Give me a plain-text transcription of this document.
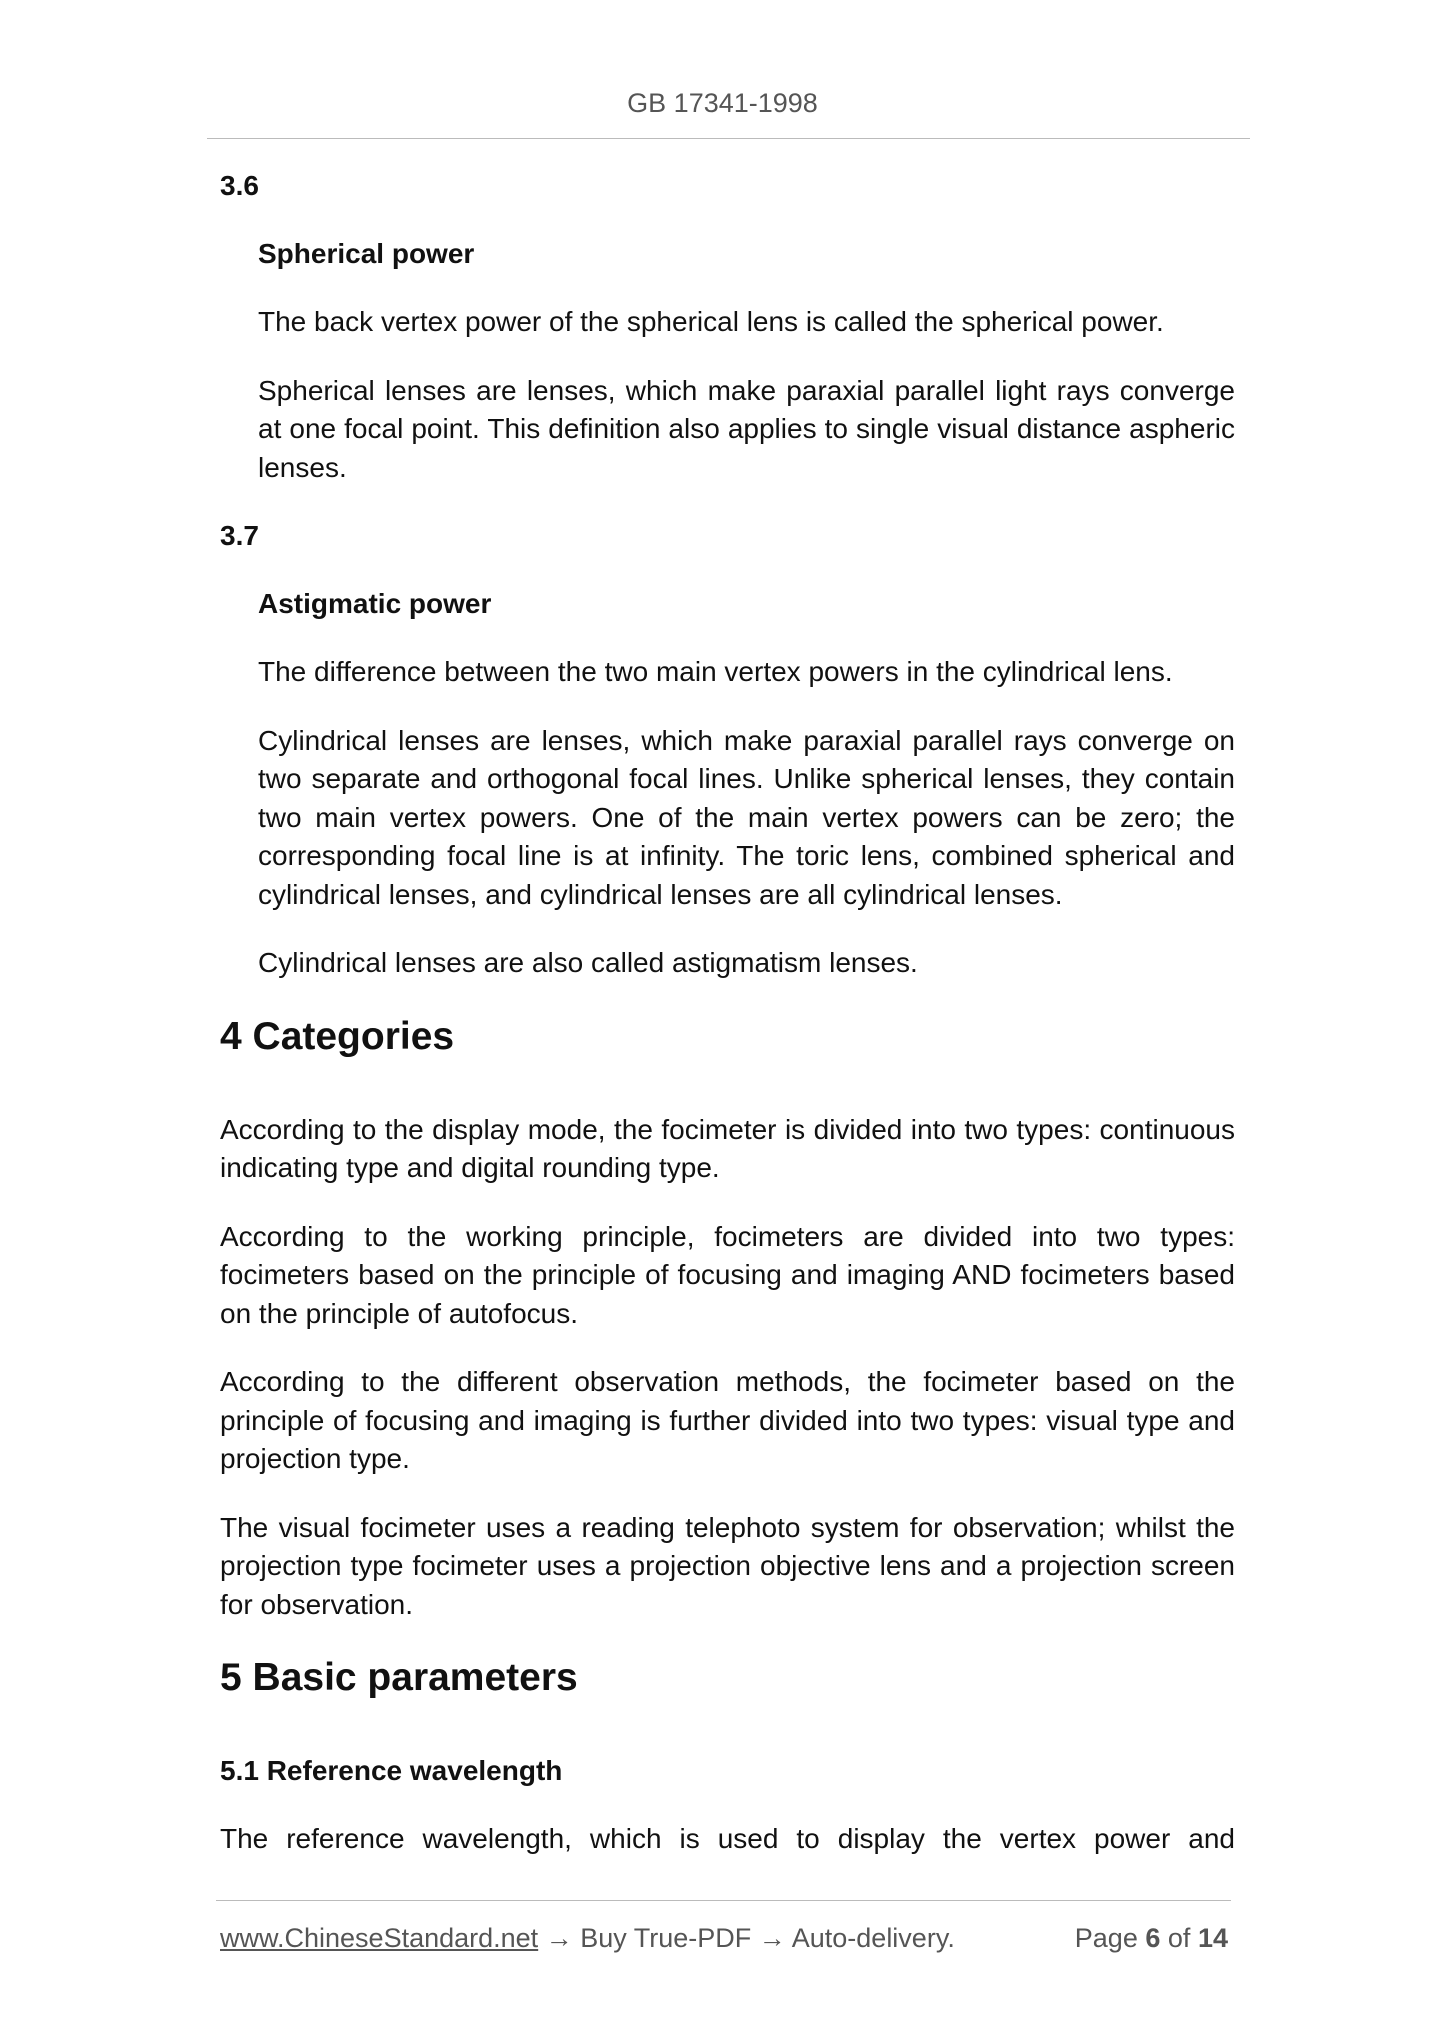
GB 17341-1998
3.6
Spherical power
The back vertex power of the spherical lens is called the spherical power.
Spherical lenses are lenses, which make paraxial parallel light rays converge at one focal point. This definition also applies to single visual distance aspheric lenses.
3.7
Astigmatic power
The difference between the two main vertex powers in the cylindrical lens.
Cylindrical lenses are lenses, which make paraxial parallel rays converge on two separate and orthogonal focal lines. Unlike spherical lenses, they contain two main vertex powers. One of the main vertex powers can be zero; the corresponding focal line is at infinity. The toric lens, combined spherical and cylindrical lenses, and cylindrical lenses are all cylindrical lenses.
Cylindrical lenses are also called astigmatism lenses.
4 Categories
According to the display mode, the focimeter is divided into two types: continuous indicating type and digital rounding type.
According to the working principle, focimeters are divided into two types: focimeters based on the principle of focusing and imaging AND focimeters based on the principle of autofocus.
According to the different observation methods, the focimeter based on the principle of focusing and imaging is further divided into two types: visual type and projection type.
The visual focimeter uses a reading telephoto system for observation; whilst the projection type focimeter uses a projection objective lens and a projection screen for observation.
5 Basic parameters
5.1 Reference wavelength
The reference wavelength, which is used to display the vertex power and
www.ChineseStandard.net → Buy True-PDF → Auto-delivery.	Page 6 of 14
